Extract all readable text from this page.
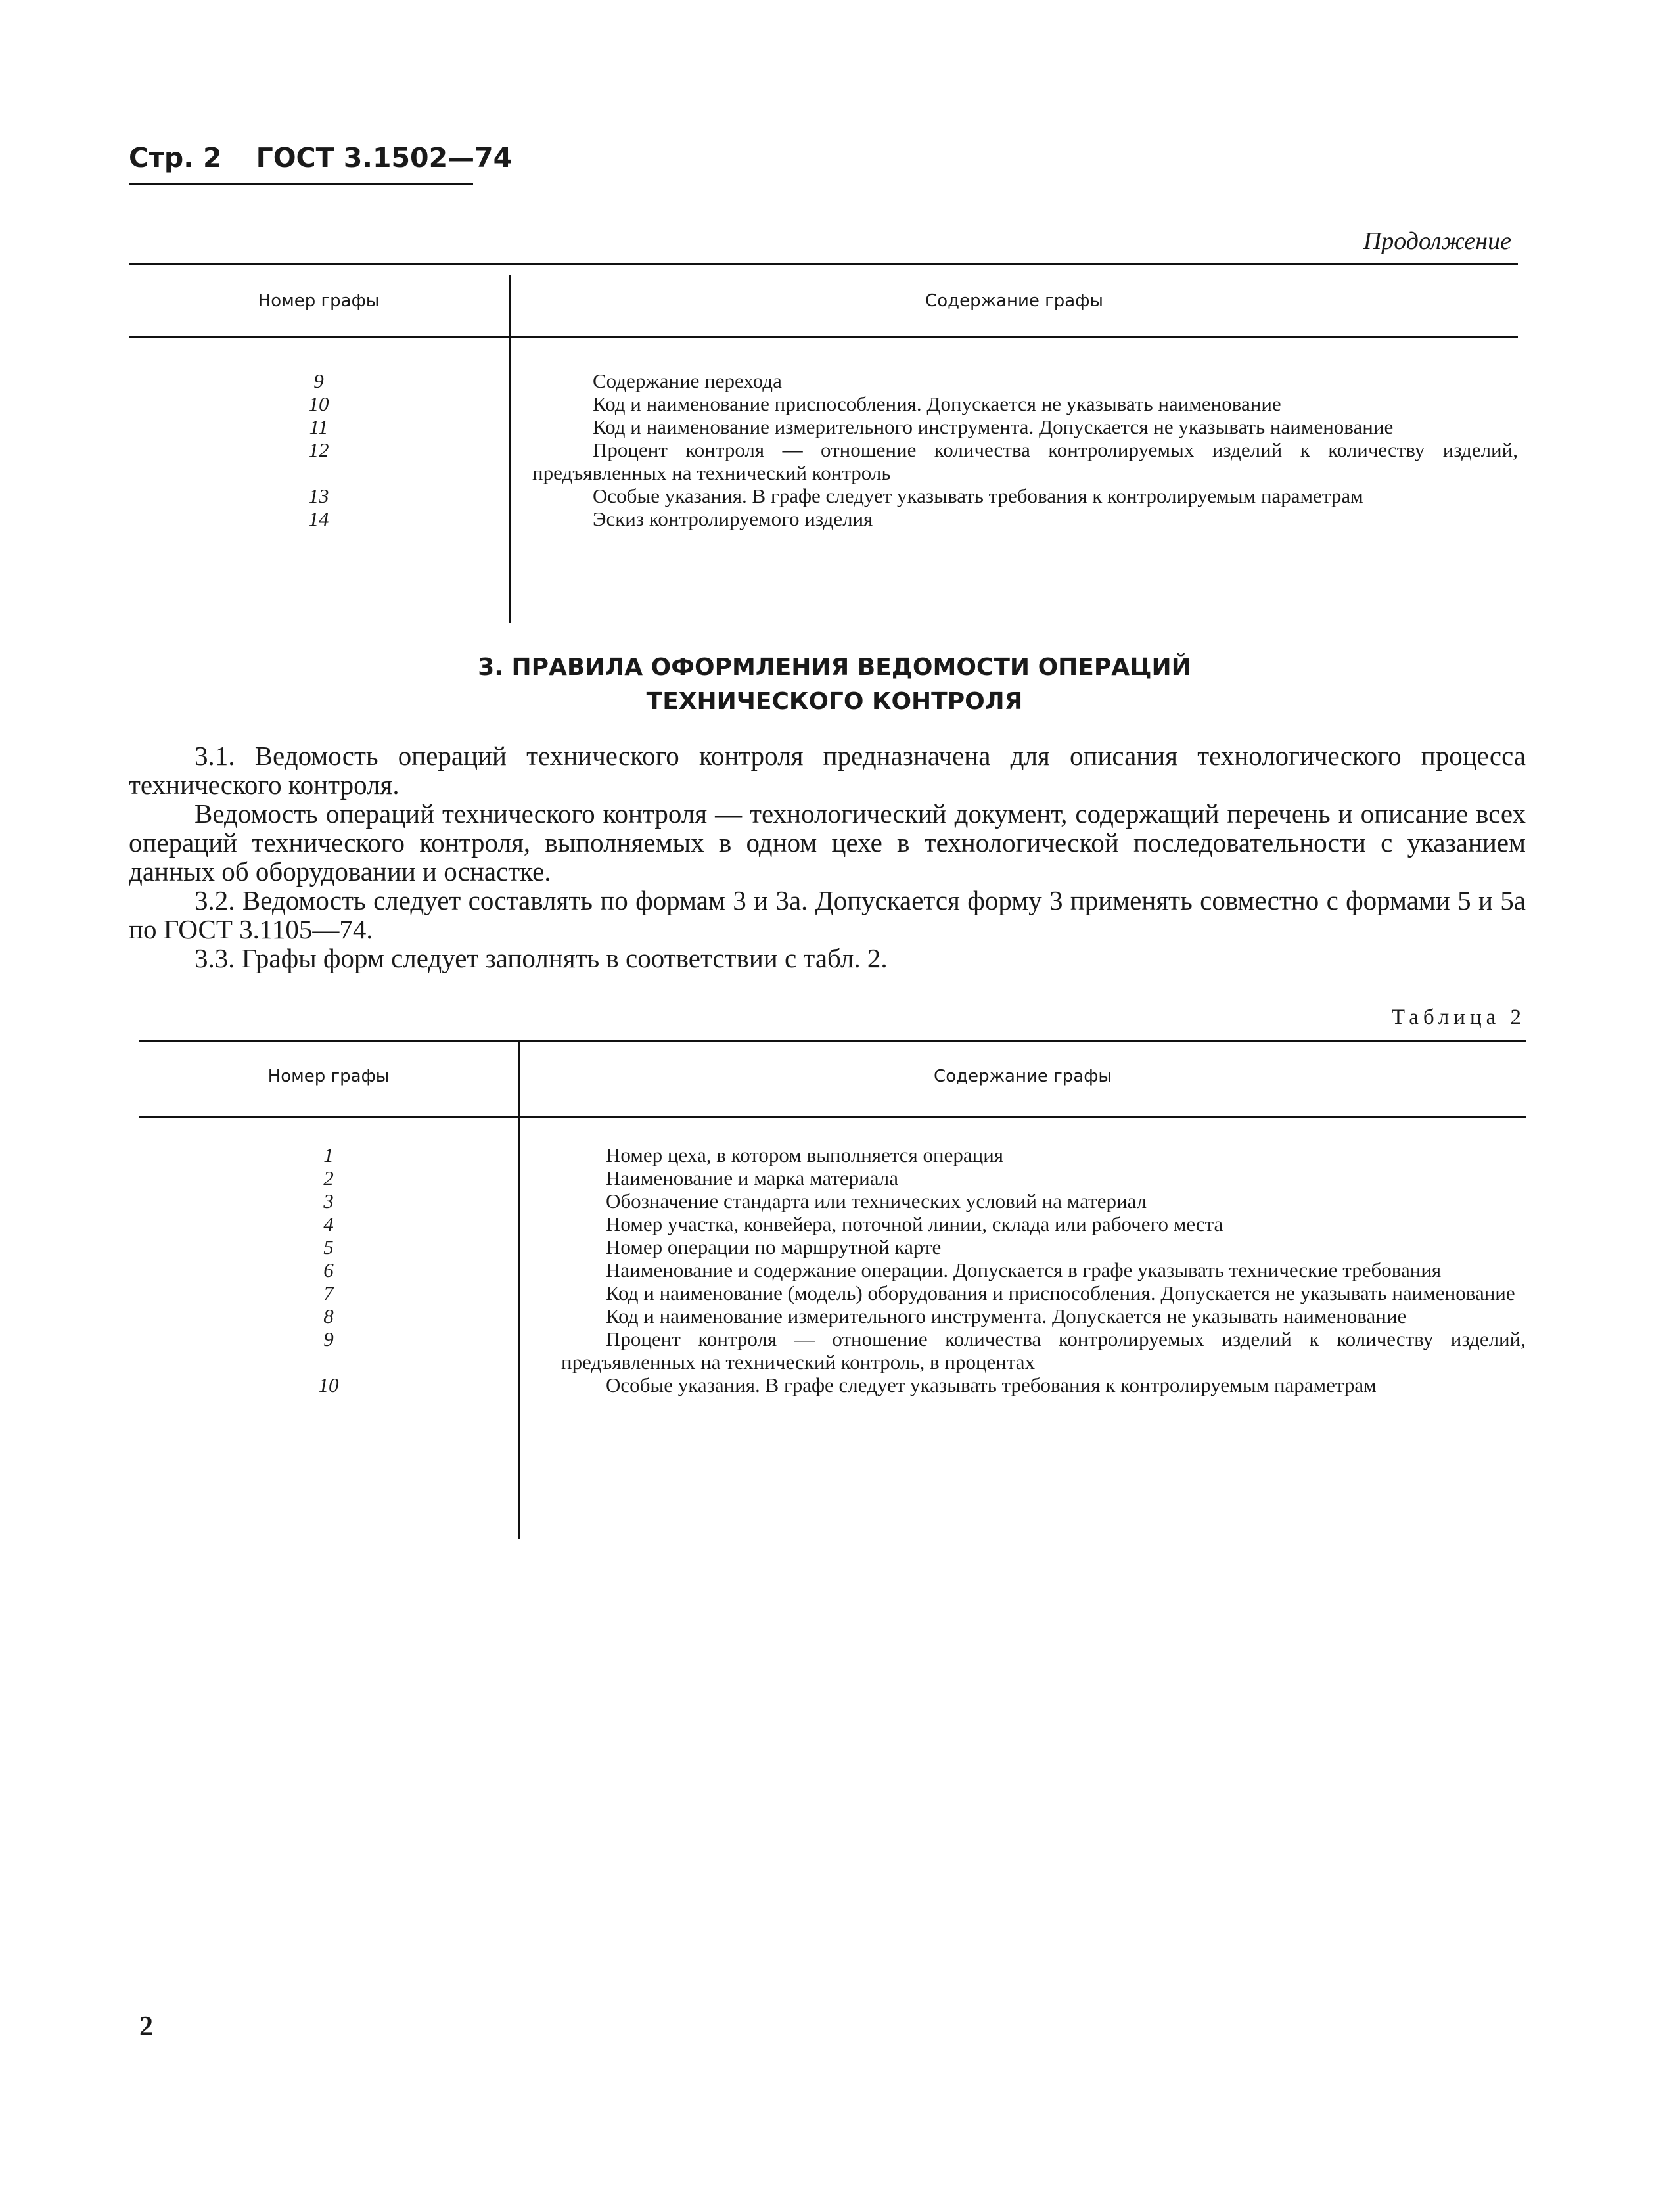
Стр. 2 ГОСТ 3.1502—74
Продолжение
Номер графы	Содержание графы
9	Содержание перехода
10	Код и наименование приспособления. Допускается не указывать наименование
11	Код и наименование измерительного инструмента. Допускается не указывать наименование
12	Процент контроля — отношение количества контролируемых изделий к количеству изделий, предъявленных на технический контроль
13	Особые указания. В графе следует указывать требования к контролируемым параметрам
14	Эскиз контролируемого изделия
3. ПРАВИЛА ОФОРМЛЕНИЯ ВЕДОМОСТИ ОПЕРАЦИЙ
ТЕХНИЧЕСКОГО КОНТРОЛЯ

3.1. Ведомость операций технического контроля предназначена для описания технологического процесса технического контроля.

Ведомость операций технического контроля — технологический документ, содержащий перечень и описание всех операций технического контроля, выполняемых в одном цехе в технологической последовательности с указанием данных об оборудовании и оснастке.

3.2. Ведомость следует составлять по формам 3 и 3а. Допускается форму 3 применять совместно с формами 5 и 5а по ГОСТ 3.1105—74.

3.3. Графы форм следует заполнять в соответствии с табл. 2.

Таблица 2
Номер графы	Содержание графы
1	Номер цеха, в котором выполняется операция
2	Наименование и марка материала
3	Обозначение стандарта или технических условий на материал
4	Номер участка, конвейера, поточной линии, склада или рабочего места
5	Номер операции по маршрутной карте
6	Наименование и содержание операции. Допускается в графе указывать технические требования
7	Код и наименование (модель) оборудования и приспособления. Допускается не указывать наименование
8	Код и наименование измерительного инструмента. Допускается не указывать наименование
9	Процент контроля — отношение количества контролируемых изделий к количеству изделий, предъявленных на технический контроль, в процентах
10	Особые указания. В графе следует указывать требования к контролируемым параметрам
2
